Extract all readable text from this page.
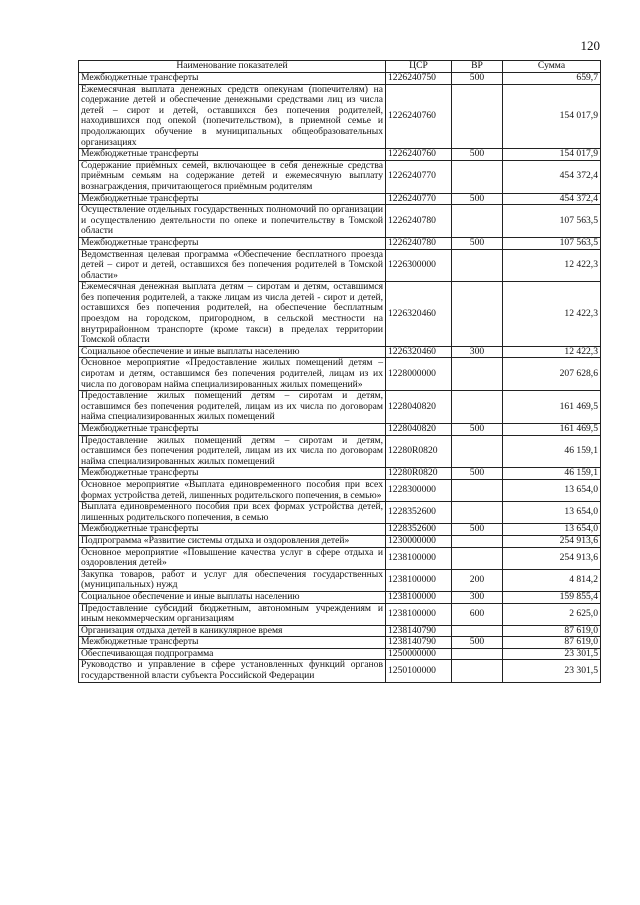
120
Наименование показателей	ЦСР	ВР	Сумма
Межбюджетные трансферты	1226240750	500	659,7
Ежемесячная выплата денежных средств опекунам (попечителям) на содержание детей и обеспечение денежными средствами лиц из числа детей – сирот и детей, оставшихся без попечения родителей, находившихся под опекой (попечительством), в приемной семье и продолжающих обучение в муниципальных общеобразовательных организациях	1226240760		154 017,9
Межбюджетные трансферты	1226240760	500	154 017,9
Содержание приёмных семей, включающее в себя денежные средства приёмным семьям на содержание детей и ежемесячную выплату вознаграждения, причитающегося приёмным родителям	1226240770		454 372,4
Межбюджетные трансферты	1226240770	500	454 372,4
Осуществление отдельных государственных полномочий по организации и осуществлению деятельности по опеке и попечительству в Томской области	1226240780		107 563,5
Межбюджетные трансферты	1226240780	500	107 563,5
Ведомственная целевая программа «Обеспечение бесплатного проезда детей – сирот и детей, оставшихся без попечения родителей в Томской области»	1226300000		12 422,3
Ежемесячная денежная выплата детям – сиротам и детям, оставшимся без попечения родителей, а также лицам из числа детей - сирот и детей, оставшихся без попечения родителей, на обеспечение бесплатным проездом на городском, пригородном, в сельской местности на внутрирайонном транспорте (кроме такси) в пределах территории Томской области	1226320460		12 422,3
Социальное обеспечение и иные выплаты населению	1226320460	300	12 422,3
Основное мероприятие «Предоставление жилых помещений детям – сиротам и детям, оставшимся без попечения родителей, лицам из их числа по договорам найма специализированных жилых помещений»	1228000000		207 628,6
Предоставление жилых помещений детям – сиротам и детям, оставшимся без попечения родителей, лицам из их числа по договорам найма специализированных жилых помещений	1228040820		161 469,5
Межбюджетные трансферты	1228040820	500	161 469,5
Предоставление жилых помещений детям – сиротам и детям, оставшимся без попечения родителей, лицам из их числа по договорам найма специализированных жилых помещений	12280R0820		46 159,1
Межбюджетные трансферты	12280R0820	500	46 159,1
Основное мероприятие «Выплата единовременного пособия при всех формах устройства детей, лишенных родительского попечения, в семью»	1228300000		13 654,0
Выплата единовременного пособия при всех формах устройства детей, лишенных родительского попечения, в семью	1228352600		13 654,0
Межбюджетные трансферты	1228352600	500	13 654,0
Подпрограмма «Развитие системы отдыха и оздоровления детей»	1230000000		254 913,6
Основное мероприятие «Повышение качества услуг в сфере отдыха и оздоровления детей»	1238100000		254 913,6
Закупка товаров, работ и услуг для обеспечения государственных (муниципальных) нужд	1238100000	200	4 814,2
Социальное обеспечение и иные выплаты населению	1238100000	300	159 855,4
Предоставление субсидий бюджетным, автономным учреждениям и иным некоммерческим организациям	1238100000	600	2 625,0
Организация отдыха детей в каникулярное время	1238140790		87 619,0
Межбюджетные трансферты	1238140790	500	87 619,0
Обеспечивающая подпрограмма	1250000000		23 301,5
Руководство и управление в сфере установленных функций органов государственной власти субъекта Российской Федерации	1250100000		23 301,5
